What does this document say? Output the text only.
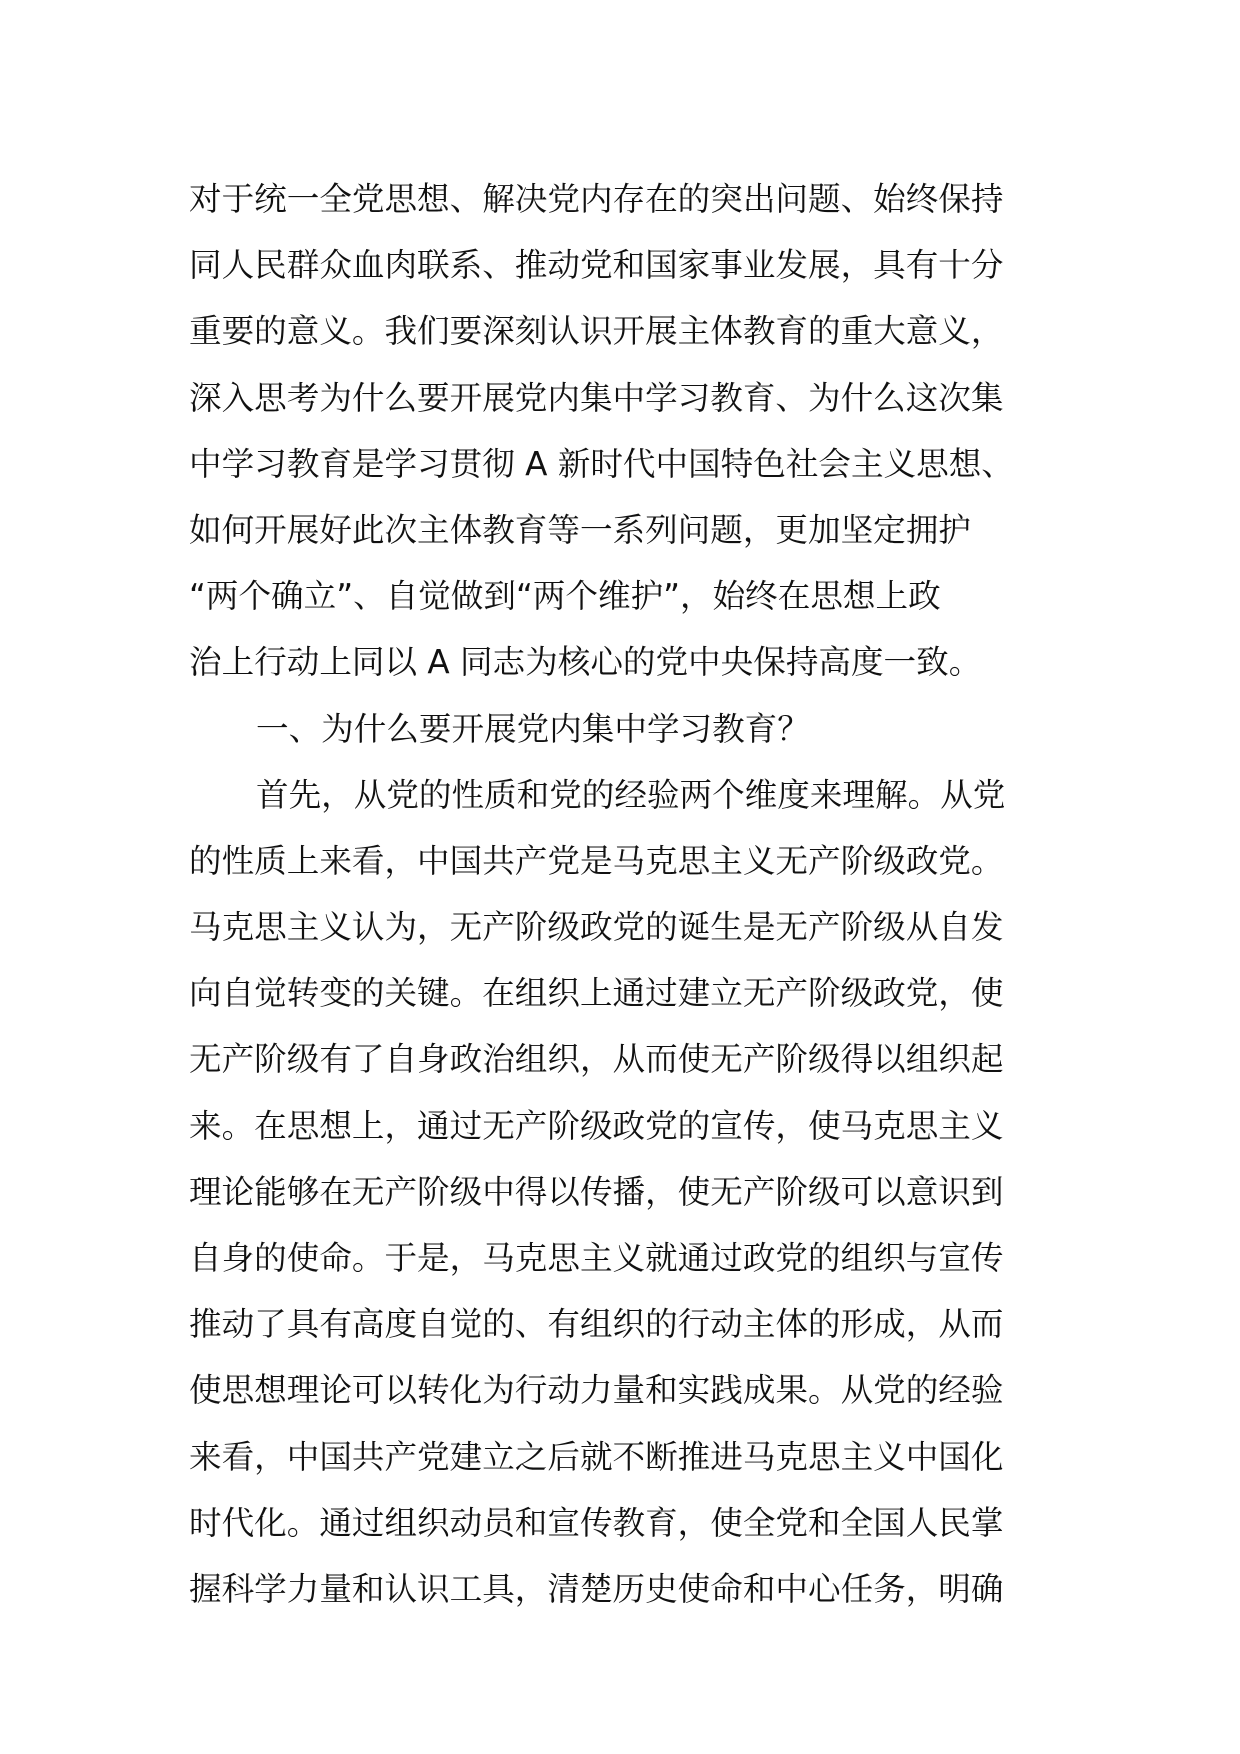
对于统一全党思想、解决党内存在的突出问题、始终保持
同人民群众血肉联系、推动党和国家事业发展，具有十分
重要的意义。我们要深刻认识开展主体教育的重大意义，
深入思考为什么要开展党内集中学习教育、为什么这次集
中学习教育是学习贯彻 A 新时代中国特色社会主义思想、
如何开展好此次主体教育等一系列问题，更加坚定拥护
“两个确立”、自觉做到“两个维护”，始终在思想上政
治上行动上同以 A 同志为核心的党中央保持高度一致。
一、为什么要开展党内集中学习教育？
首先，从党的性质和党的经验两个维度来理解。从党
的性质上来看，中国共产党是马克思主义无产阶级政党。
马克思主义认为，无产阶级政党的诞生是无产阶级从自发
向自觉转变的关键。在组织上通过建立无产阶级政党，使
无产阶级有了自身政治组织，从而使无产阶级得以组织起
来。在思想上，通过无产阶级政党的宣传，使马克思主义
理论能够在无产阶级中得以传播，使无产阶级可以意识到
自身的使命。于是，马克思主义就通过政党的组织与宣传
推动了具有高度自觉的、有组织的行动主体的形成，从而
使思想理论可以转化为行动力量和实践成果。从党的经验
来看，中国共产党建立之后就不断推进马克思主义中国化
时代化。通过组织动员和宣传教育，使全党和全国人民掌
握科学力量和认识工具，清楚历史使命和中心任务，明确
